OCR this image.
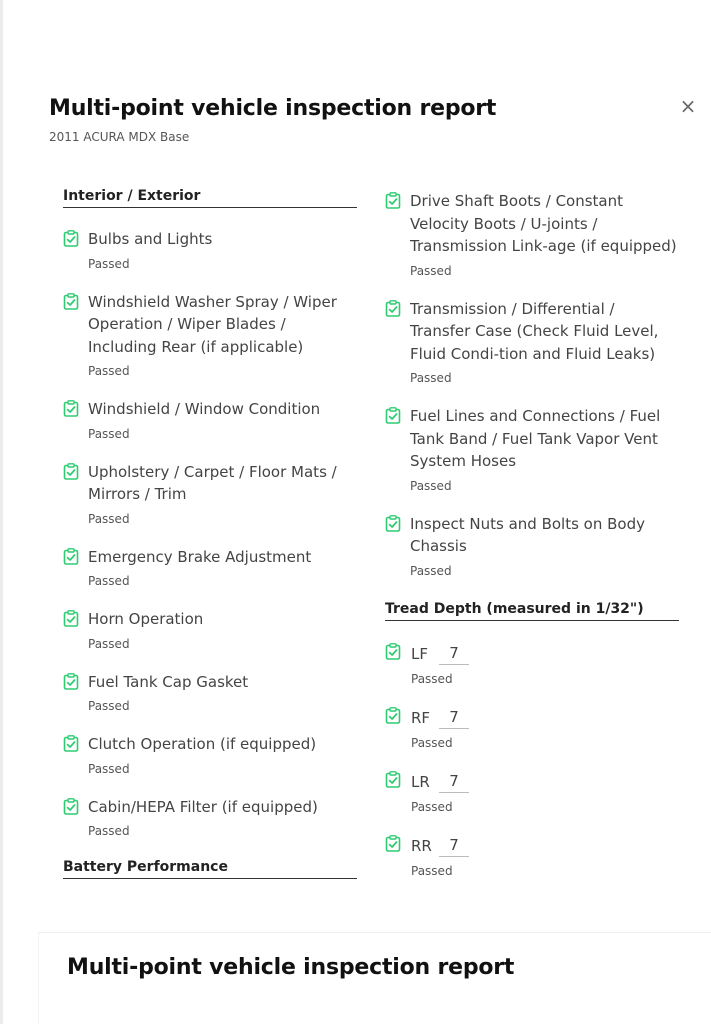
Multi-point vehicle inspection report
2011 ACURA MDX Base
×
Interior / Exterior
Bulbs and Lights
Passed
Windshield Washer Spray / Wiper Operation / Wiper Blades / Including Rear (if applicable)
Passed
Windshield / Window Condition
Passed
Upholstery / Carpet / Floor Mats / Mirrors / Trim
Passed
Emergency Brake Adjustment
Passed
Horn Operation
Passed
Fuel Tank Cap Gasket
Passed
Clutch Operation (if equipped)
Passed
Cabin/HEPA Filter (if equipped)
Passed
Battery Performance
Drive Shaft Boots / Constant Velocity Boots / U-joints / Transmission Link-age (if equipped)
Passed
Transmission / Differential / Transfer Case (Check Fluid Level, Fluid Condi-tion and Fluid Leaks)
Passed
Fuel Lines and Connections / Fuel Tank Band / Fuel Tank Vapor Vent System Hoses
Passed
Inspect Nuts and Bolts on Body Chassis
Passed
Tread Depth (measured in 1/32")
LF	7
Passed
RF	7
Passed
LR	7
Passed
RR	7
Passed
Multi-point vehicle inspection report
